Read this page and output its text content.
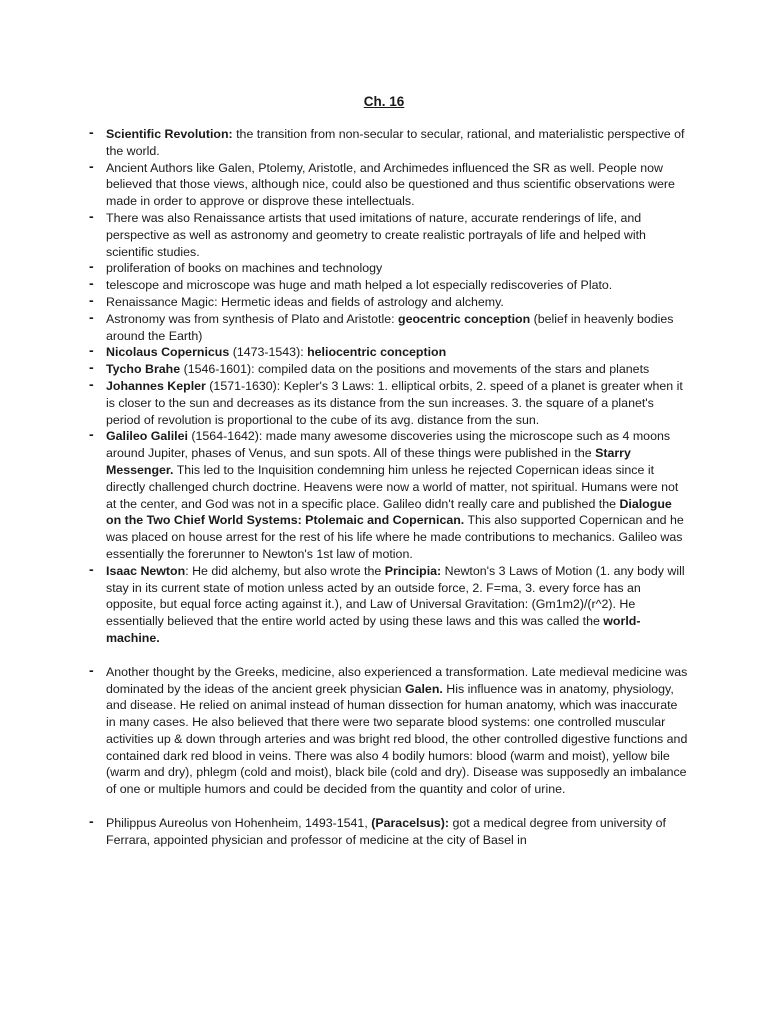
Ch. 16
- Scientific Revolution: the transition from non-secular to secular, rational, and materialistic perspective of the world.
- Ancient Authors like Galen, Ptolemy, Aristotle, and Archimedes influenced the SR as well. People now believed that those views, although nice, could also be questioned and thus scientific observations were made in order to approve or disprove these intellectuals.
- There was also Renaissance artists that used imitations of nature, accurate renderings of life, and perspective as well as astronomy and geometry to create realistic portrayals of life and helped with scientific studies.
- proliferation of books on machines and technology
- telescope and microscope was huge and math helped a lot especially rediscoveries of Plato.
- Renaissance Magic: Hermetic ideas and fields of astrology and alchemy.
- Astronomy was from synthesis of Plato and Aristotle: geocentric conception (belief in heavenly bodies around the Earth)
- Nicolaus Copernicus (1473-1543): heliocentric conception
- Tycho Brahe (1546-1601): compiled data on the positions and movements of the stars and planets
- Johannes Kepler (1571-1630): Kepler's 3 Laws: 1. elliptical orbits, 2. speed of a planet is greater when it is closer to the sun and decreases as its distance from the sun increases. 3. the square of a planet's period of revolution is proportional to the cube of its avg. distance from the sun.
- Galileo Galilei (1564-1642): made many awesome discoveries using the microscope such as 4 moons around Jupiter, phases of Venus, and sun spots. All of these things were published in the Starry Messenger. This led to the Inquisition condemning him unless he rejected Copernican ideas since it directly challenged church doctrine. Heavens were now a world of matter, not spiritual. Humans were not at the center, and God was not in a specific place. Galileo didn't really care and published the Dialogue on the Two Chief World Systems: Ptolemaic and Copernican. This also supported Copernican and he was placed on house arrest for the rest of his life where he made contributions to mechanics. Galileo was essentially the forerunner to Newton's 1st law of motion.
- Isaac Newton: He did alchemy, but also wrote the Principia: Newton's 3 Laws of Motion (1. any body will stay in its current state of motion unless acted by an outside force, 2. F=ma, 3. every force has an opposite, but equal force acting against it.), and Law of Universal Gravitation: (Gm1m2)/(r^2). He essentially believed that the entire world acted by using these laws and this was called the world-machine.
- Another thought by the Greeks, medicine, also experienced a transformation. Late medieval medicine was dominated by the ideas of the ancient greek physician Galen. His influence was in anatomy, physiology, and disease. He relied on animal instead of human dissection for human anatomy, which was inaccurate in many cases. He also believed that there were two separate blood systems: one controlled muscular activities up & down through arteries and was bright red blood, the other controlled digestive functions and contained dark red blood in veins. There was also 4 bodily humors: blood (warm and moist), yellow bile (warm and dry), phlegm (cold and moist), black bile (cold and dry). Disease was supposedly an imbalance of one or multiple humors and could be decided from the quantity and color of urine.
- Philippus Aureolus von Hohenheim, 1493-1541, (Paracelsus): got a medical degree from university of Ferrara, appointed physician and professor of medicine at the city of Basel in
